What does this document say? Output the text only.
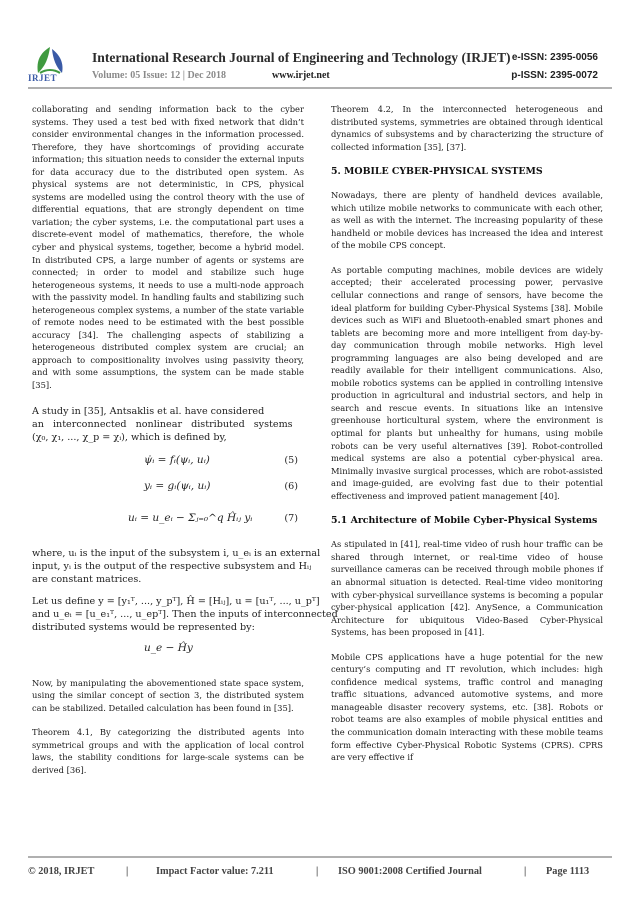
IRJET
International Research Journal of Engineering and Technology (IRJET) e-ISSN: 2395-0056
Volume: 05 Issue: 12 | Dec 2018	www.irjet.net	p-ISSN: 2395-0072

collaborating and sending information back to the cyber systems. They used a test bed with fixed network that didn’t consider environmental changes in the information processed. Therefore, they have shortcomings of providing accurate information; this situation needs to consider the external inputs for data accuracy due to the distributed open system. As physical systems are not deterministic, in CPS, physical systems are modelled using the control theory with the use of differential equations, that are strongly dependent on time variation; the cyber systems, i.e. the computational part uses a discrete-event model of mathematics, therefore, the whole cyber and physical systems, together, become a hybrid model. In distributed CPS, a large number of agents or systems are connected; in order to model and stabilize such huge heterogeneous systems, it needs to use a multi-node approach with the passivity model. In handling faults and stabilizing such heterogeneous complex systems, a number of the state variable of remote nodes need to be estimated with the best possible accuracy [34]. The challenging aspects of stabilizing a heterogeneous distributed complex system are crucial; an approach to compositionality involves using passivity theory, and with some assumptions, the system can be made stable [35].

A study in [35], Antsaklis et al. have considered
an interconnected nonlinear distributed systems
(χ₀, χ₁, ..., χ_p = χᵢ), which is defined by,
ψ̇ᵢ = fᵢ(ψᵢ, uᵢ)	(5)
yᵢ = gᵢ(ψᵢ, uᵢ)	(6)
uᵢ = u_eᵢ − Σⱼ₌₀^q Ĥᵢⱼ yᵢ	(7)
where, uᵢ is the input of the subsystem i, u_eᵢ is an external
input, yᵢ is the output of the respective subsystem and Hᵢⱼ
are constant matrices.
Let us define y = [y₁ᵀ, ..., y_pᵀ], Ĥ = [Hᵢⱼ], u = [u₁ᵀ, ..., u_pᵀ]
and u_eᵢ = [u_e₁ᵀ, ..., u_epᵀ]. Then the inputs of interconnected
distributed systems would be represented by:
u_e − Ĥy

Now, by manipulating the abovementioned state space system, using the similar concept of section 3, the distributed system can be stabilized. Detailed calculation has been found in [35].

Theorem 4.1, By categorizing the distributed agents into symmetrical groups and with the application of local control laws, the stability conditions for large-scale systems can be derived [36].

Theorem 4.2, In the interconnected heterogeneous and distributed systems, symmetries are obtained through identical dynamics of subsystems and by characterizing the structure of collected information [35], [37].

5. MOBILE CYBER-PHYSICAL SYSTEMS

Nowadays, there are plenty of handheld devices available, which utilize mobile networks to communicate with each other, as well as with the internet. The increasing popularity of these handheld or mobile devices has increased the idea and interest of the mobile CPS concept.

As portable computing machines, mobile devices are widely accepted; their accelerated processing power, pervasive cellular connections and range of sensors, have become the ideal platform for building Cyber-Physical Systems [38]. Mobile devices such as WiFi and Bluetooth-enabled smart phones and tablets are becoming more and more intelligent from day-by-day communication through mobile networks. High level programming languages are also being developed and are readily available for their intelligent communications. Also, mobile robotics systems can be applied in controlling intensive production in agricultural and industrial sectors, and help in search and rescue events. In situations like an intensive greenhouse horticultural system, where the environment is optimal for plants but unhealthy for humans, using mobile robots can be very useful alternatives [39]. Robot-controlled medical systems are also a potential cyber-physical area. Minimally invasive surgical processes, which are robot-assisted and image-guided, are evolving fast due to their potential effectiveness and improved patient management [40].

5.1 Architecture of Mobile Cyber-Physical Systems

As stipulated in [41], real-time video of rush hour traffic can be shared through internet, or real-time video of house surveillance cameras can be received through mobile phones if an abnormal situation is detected. Real-time video monitoring with cyber-physical surveillance systems is becoming a popular cyber-physical application [42]. AnySence, a Communication Architecture for ubiquitous Video-Based Cyber-Physical Systems, has been proposed in [41].

Mobile CPS applications have a huge potential for the new century’s computing and IT revolution, which includes: high confidence medical systems, traffic control and managing traffic situations, advanced automotive systems, and more manageable disaster recovery systems, etc. [38]. Robots or robot teams are also examples of mobile physical entities and the communication domain interacting with these mobile teams form effective Cyber-Physical Robotic Systems (CPRS). CPRS are very effective if

© 2018, IRJET	|	Impact Factor value: 7.211	| ISO 9001:2008 Certified Journal	| Page 1113
